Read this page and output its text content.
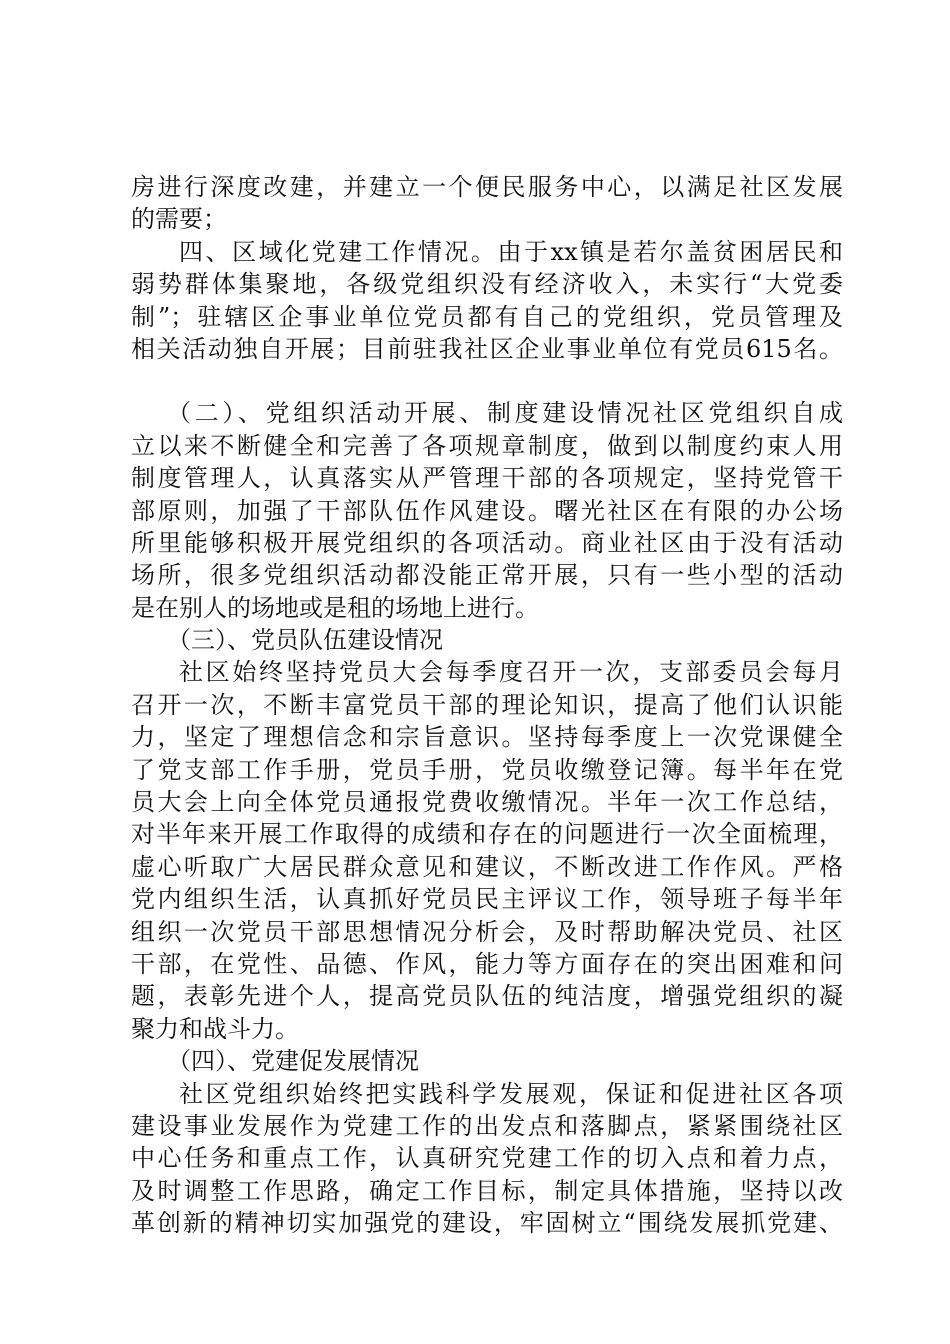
房进行深度改建，并建立一个便民服务中心，以满足社区发展
的需要；
四、区域化党建工作情况。由于xx镇是若尔盖贫困居民和
弱势群体集聚地，各级党组织没有经济收入，未实行“大党委
制”；驻辖区企事业单位党员都有自己的党组织，党员管理及
相关活动独自开展；目前驻我社区企业事业单位有党员615名。
（二）、党组织活动开展、制度建设情况社区党组织自成
立以来不断健全和完善了各项规章制度，做到以制度约束人用
制度管理人，认真落实从严管理干部的各项规定，坚持党管干
部原则，加强了干部队伍作风建设。曙光社区在有限的办公场
所里能够积极开展党组织的各项活动。商业社区由于没有活动
场所，很多党组织活动都没能正常开展，只有一些小型的活动
是在别人的场地或是租的场地上进行。
（三）、党员队伍建设情况
社区始终坚持党员大会每季度召开一次，支部委员会每月
召开一次，不断丰富党员干部的理论知识，提高了他们认识能
力，坚定了理想信念和宗旨意识。坚持每季度上一次党课健全
了党支部工作手册，党员手册，党员收缴登记簿。每半年在党
员大会上向全体党员通报党费收缴情况。半年一次工作总结，
对半年来开展工作取得的成绩和存在的问题进行一次全面梳理，
虚心听取广大居民群众意见和建议，不断改进工作作风。严格
党内组织生活，认真抓好党员民主评议工作，领导班子每半年
组织一次党员干部思想情况分析会，及时帮助解决党员、社区
干部，在党性、品德、作风，能力等方面存在的突出困难和问
题，表彰先进个人，提高党员队伍的纯洁度，增强党组织的凝
聚力和战斗力。
（四）、党建促发展情况
社区党组织始终把实践科学发展观，保证和促进社区各项
建设事业发展作为党建工作的出发点和落脚点，紧紧围绕社区
中心任务和重点工作，认真研究党建工作的切入点和着力点，
及时调整工作思路，确定工作目标，制定具体措施，坚持以改
革创新的精神切实加强党的建设，牢固树立“围绕发展抓党建、
